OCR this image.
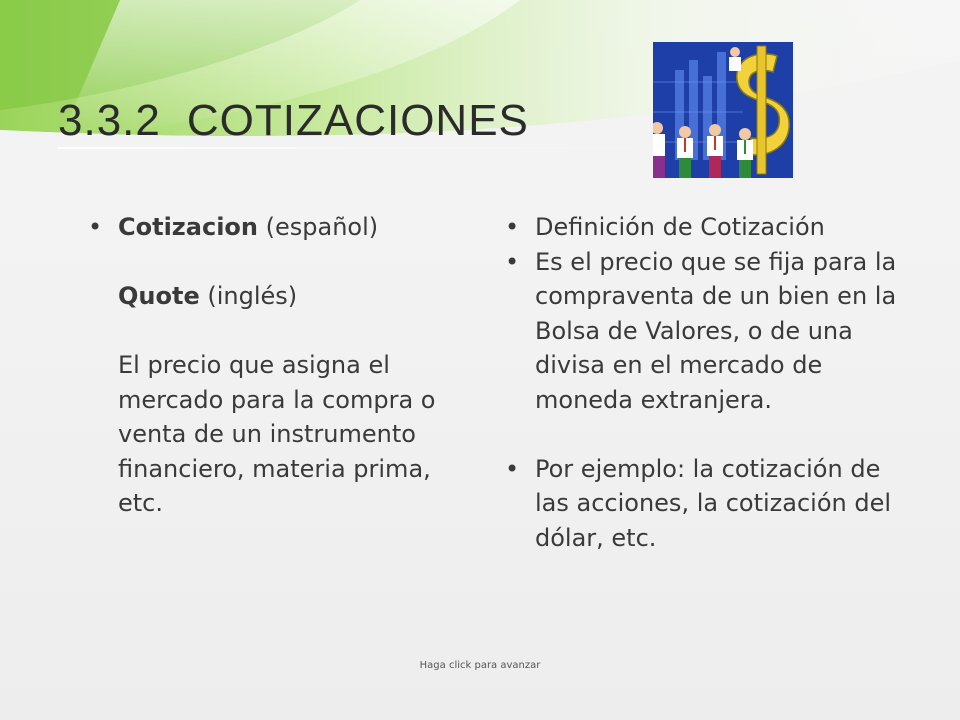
3.3.2 COTIZACIONES
• Cotizacion (español)
Quote (inglés)
El precio que asigna el mercado para la compra o venta de un instrumento financiero, materia prima, etc.
• Definición de Cotización
• Es el precio que se fija para la compraventa de un bien en la Bolsa de Valores, o de una divisa en el mercado de moneda extranjera.
• Por ejemplo: la cotización de las acciones, la cotización del dólar, etc.
Haga click para avanzar
